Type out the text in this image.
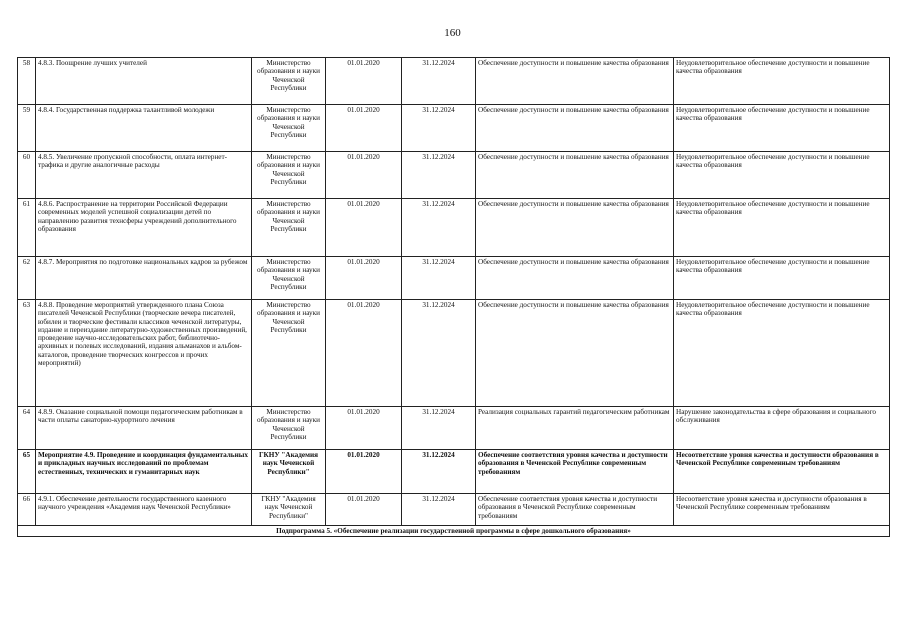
160
58	4.8.3. Поощрение лучших учителей	Министерство образования и науки Чеченской Республики	01.01.2020	31.12.2024	Обеспечение доступности и повышение качества образования	Неудовлетворительное обеспечение доступности и повышение качества образования
59	4.8.4. Государственная поддержка талантливой молодежи	Министерство образования и науки Чеченской Республики	01.01.2020	31.12.2024	Обеспечение доступности и повышение качества образования	Неудовлетворительное обеспечение доступности и повышение качества образования
60	4.8.5. Увеличение пропускной способности, оплата интернет-трафика и другие аналогичные расходы	Министерство образования и науки Чеченской Республики	01.01.2020	31.12.2024	Обеспечение доступности и повышение качества образования	Неудовлетворительное обеспечение доступности и повышение качества образования
61	4.8.6. Распространение на территории Российской Федерации современных моделей успешной социализации детей по направлению развития технсферы учреждений дополнительного образования	Министерство образования и науки Чеченской Республики	01.01.2020	31.12.2024	Обеспечение доступности и повышение качества образования	Неудовлетворительное обеспечение доступности и повышение качества образования
62	4.8.7. Мероприятия по подготовке национальных кадров за рубежом	Министерство образования и науки Чеченской Республики	01.01.2020	31.12.2024	Обеспечение доступности и повышение качества образования	Неудовлетворительное обеспечение доступности и повышение качества образования
63	4.8.8. Проведение мероприятий утвержденного плана Союза писателей Чеченской Республики (творческие вечера писателей, юбилеи и творческие фестивали классиков чеченской литературы, издание и переиздание литературно-художественных произведений, проведение научно-исследовательских работ, библиотечно-архивных и полевых исследований, издания альманахов и альбом-каталогов, проведение творческих конгрессов и прочих мероприятий)	Министерство образования и науки Чеченской Республики	01.01.2020	31.12.2024	Обеспечение доступности и повышение качества образования	Неудовлетворительное обеспечение доступности и повышение качества образования
64	4.8.9. Оказание социальной помощи педагогическим работникам в части оплаты санаторно-курортного лечения	Министерство образования и науки Чеченской Республики	01.01.2020	31.12.2024	Реализация социальных гарантий педагогическим работникам	Нарушение законодательства в сфере образования и социального обслуживания
65	Мероприятие 4.9. Проведение и координация фундаментальных и прикладных научных исследований по проблемам естественных, технических и гуманитарных наук	ГКНУ "Академия наук Чеченской Республики"	01.01.2020	31.12.2024	Обеспечение соответствия уровня качества и доступности образования в Чеченской Республике современным требованиям	Несоответствие уровня качества и доступности образования в Чеченской Республике современным требованиям
66	4.9.1. Обеспечение деятельности государственного казенного научного учреждения «Академия наук Чеченской Республики»	ГКНУ "Академия наук Чеченской Республики"	01.01.2020	31.12.2024	Обеспечение соответствия уровня качества и доступности образования в Чеченской Республике современным требованиям	Несоответствие уровня качества и доступности образования в Чеченской Республике современным требованиям
Подпрограмма 5. «Обеспечение реализации государственной программы в сфере дошкольного образования»						
